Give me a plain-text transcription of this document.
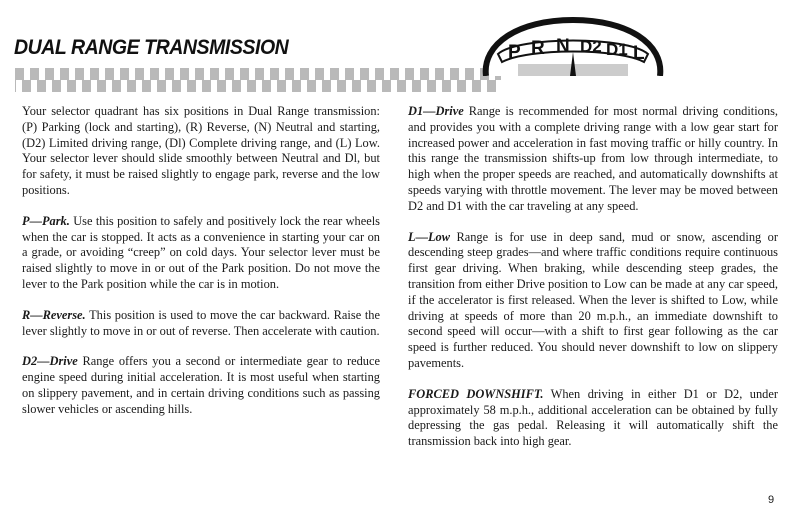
DUAL RANGE TRANSMISSION	P R N D2 D1 L

Your selector quadrant has six positions in Dual Range transmission: (P) Parking (lock and starting), (R) Reverse, (N) Neutral and starting, (D2) Limited driving range, (Dl) Complete driving range, and (L) Low. Your selector lever should slide smoothly between Neutral and Dl, but for safety, it must be raised slightly to engage park, reverse and the low positions.

P—Park. Use this position to safely and positively lock the rear wheels when the car is stopped. It acts as a convenience in starting your car on a grade, or avoiding “creep” on cold days. Your selector lever must be raised slightly to move in or out of the Park position. Do not move the lever to the Park position while the car is in motion.

R—Reverse. This position is used to move the car backward. Raise the lever slightly to move in or out of reverse. Then accelerate with caution.

D2—Drive Range offers you a second or intermediate gear to reduce engine speed during initial acceleration. It is most useful when starting on slippery pavement, and in certain driving conditions such as passing slower vehicles or ascending hills.

D1—Drive Range is recommended for most normal driving conditions, and provides you with a complete driving range with a low gear start for increased power and acceleration in fast moving traffic or hilly country. In this range the transmission shifts-up from low through intermediate, to high when the proper speeds are reached, and automatically downshifts at speeds varying with throttle movement. The lever may be moved between D2 and D1 with the car traveling at any speed.

L—Low Range is for use in deep sand, mud or snow, ascending or descending steep grades—and where traffic conditions require continuous first gear driving. When braking, while descending steep grades, the transition from either Drive position to Low can be made at any car speed, if the accelerator is first released. When the lever is shifted to Low, while driving at speeds of more than 20 m.p.h., an immediate downshift to second speed will occur—with a shift to first gear following as the car speed is further reduced. You should never downshift to low on slippery pavements.

FORCED DOWNSHIFT. When driving in either D1 or D2, under approximately 58 m.p.h., additional acceleration can be obtained by fully depressing the gas pedal. Releasing it will automatically shift the transmission back into high gear.

9
